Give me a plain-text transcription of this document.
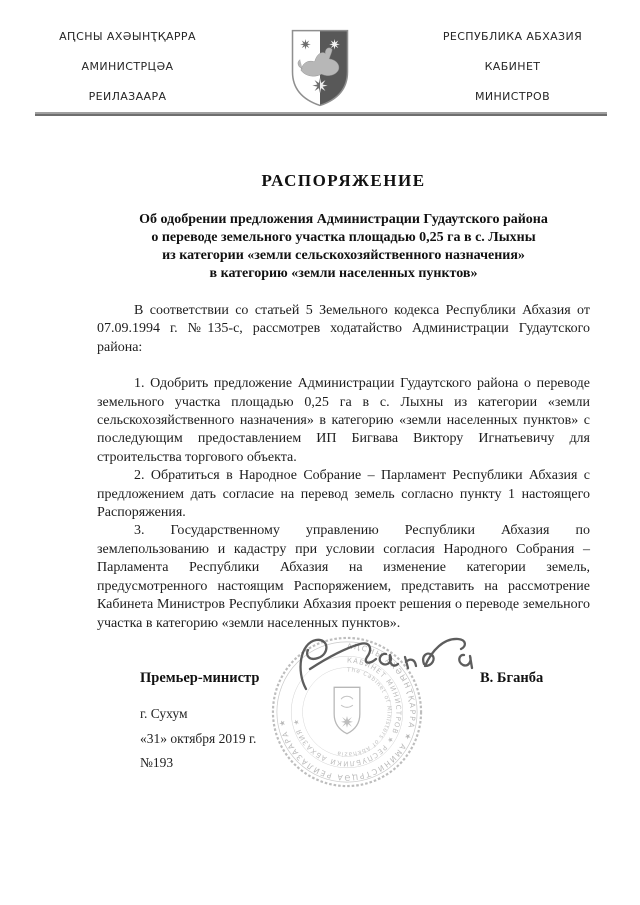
АԤСНЫ АХӘЫНҬҚАРРА
АМИНИСТРЦӘА
РЕИЛАЗААРА
РЕСПУБЛИКА АБХАЗИЯ
КАБИНЕТ
МИНИСТРОВ
РАСПОРЯЖЕНИЕ
Об одобрении предложения Администрации Гудаутского района
о переводе земельного участка площадью 0,25 га в с. Лыхны
из категории «земли сельскохозяйственного назначения»
в категорию «земли населенных пунктов»

В соответствии со статьей 5 Земельного кодекса Республики Абхазия от 07.09.1994 г. №135-с, рассмотрев ходатайство Администрации Гудаутского района:

1. Одобрить предложение Администрации Гудаутского района о переводе земельного участка площадью 0,25 га в с. Лыхны из категории «земли сельскохозяйственного назначения» в категорию «земли населенных пунктов» с последующим предоставлением ИП Бигвава Виктору Игнатьевичу для строительства торгового объекта.

2. Обратиться в Народное Собрание – Парламент Республики Абхазия с предложением дать согласие на перевод земель согласно пункту 1 настоящего Распоряжения.

3. Государственному управлению Республики Абхазия по землепользованию и кадастру при условии согласия Народного Собрания – Парламента Республики Абхазия на изменение категории земель, предусмотренного настоящим Распоряжением, представить на рассмотрение Кабинета Министров Республики Абхазия проект решения о переводе земельного участка в категорию «земли населенных пунктов».

Премьер-министр	В. Бганба
г. Сухум
«31» октября 2019 г.
№193
АԤСНЫ АХӘЫНҬҚАРРА ★ АМИНИСТРЦӘА РЕИЛАЗААРА ★
КАБИНЕТ МИНИСТРОВ ★ РЕСПУБЛИКИ АБХАЗИЯ ★
The Cabinet of Ministers of Abkhazia
